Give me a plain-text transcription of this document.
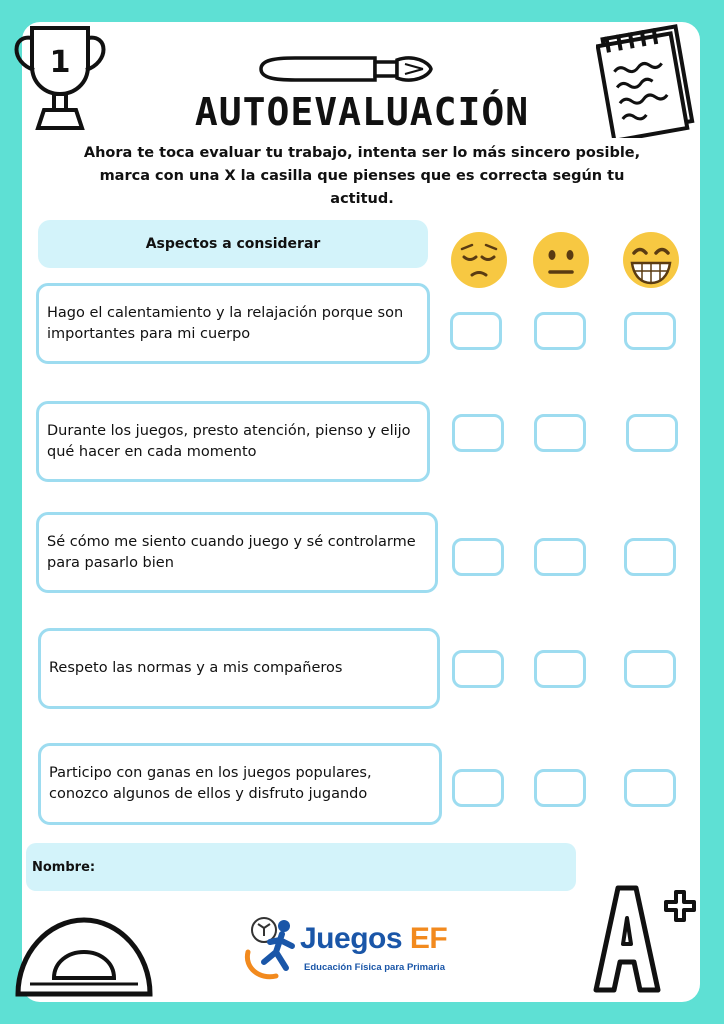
1
AUTOEVALUACIÓN
Ahora te toca evaluar tu trabajo, intenta ser lo más sincero posible, marca con una X la casilla que pienses que es correcta según tu actitud.
Aspectos a considerar
Hago el calentamiento y la relajación porque son importantes para mi cuerpo
Durante los juegos, presto atención, pienso y elijo qué hacer en cada momento
Sé cómo me siento cuando juego y sé controlarme para pasarlo bien
Respeto las normas y a mis compañeros
Participo con ganas en los juegos populares, conozco algunos de ellos y disfruto jugando
Nombre:
Juegos EF
Educación Física para Primaria
